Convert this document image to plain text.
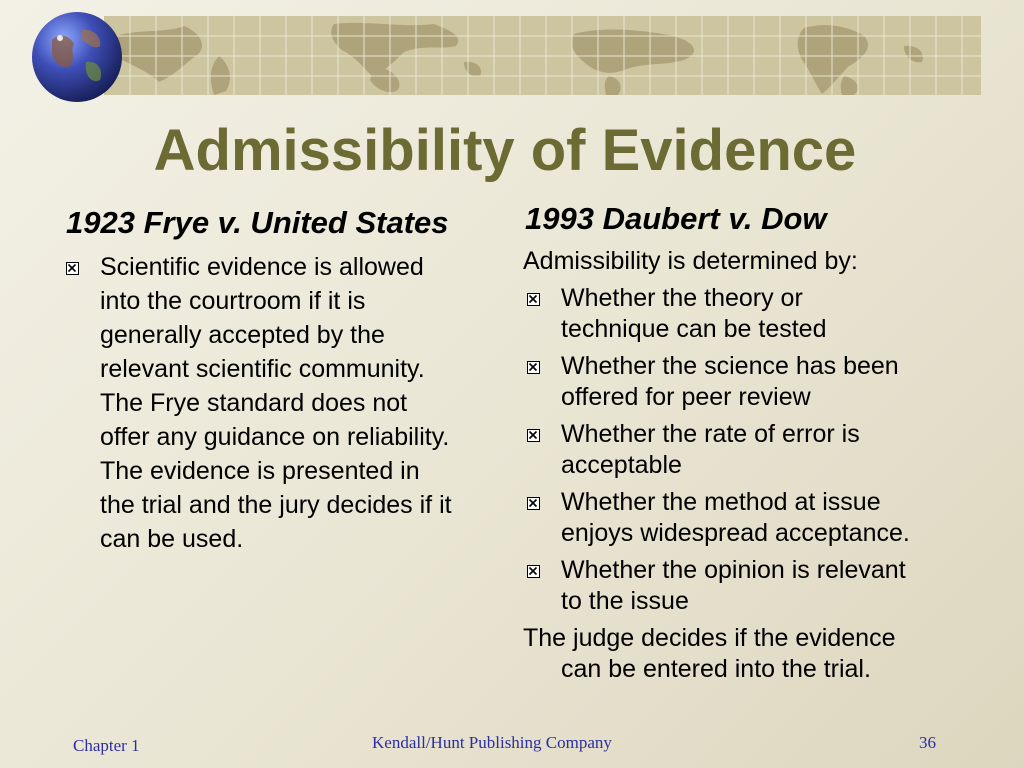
Admissibility of Evidence
1923 Frye v. United States
Scientific evidence is allowed
into the courtroom if it is
generally accepted by the
relevant scientific community.
The Frye standard does not
offer any guidance on reliability.
The evidence is presented in
the trial and the jury decides if it
can be used.
1993 Daubert v. Dow
Admissibility is determined by:
Whether the theory or
technique can be tested
Whether the science has been
offered for peer review
Whether the rate of error is
acceptable
Whether the method at issue
enjoys widespread acceptance.
Whether the opinion is relevant
to the issue
The judge decides if the evidence
can be entered into the trial.
Chapter 1	Kendall/Hunt Publishing Company	36
